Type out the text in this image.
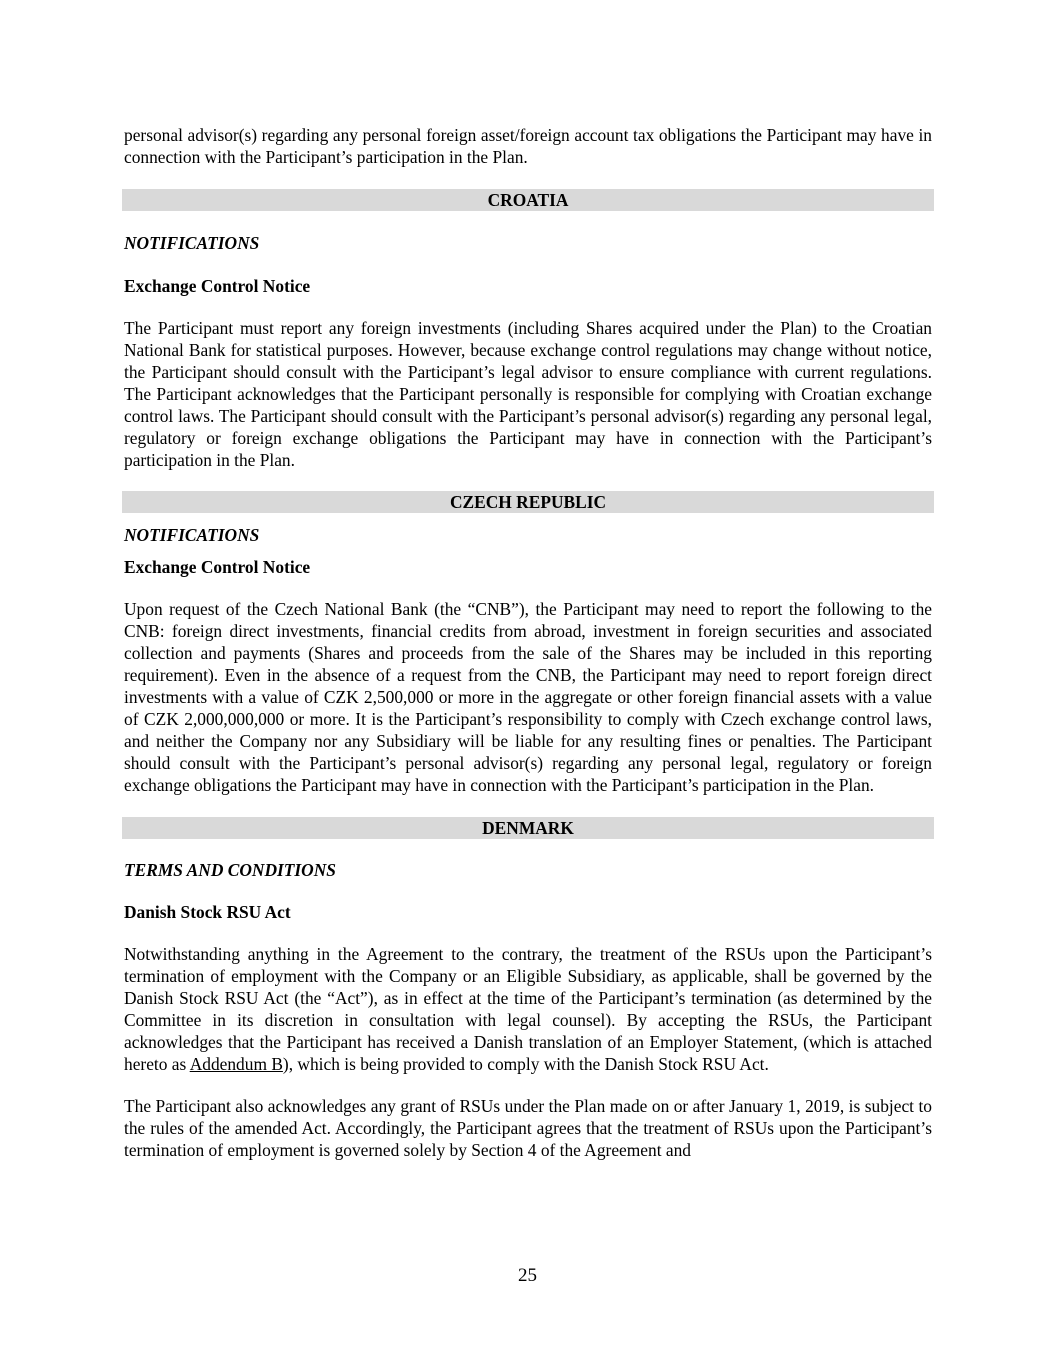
personal advisor(s) regarding any personal foreign asset/foreign account tax obligations the Participant may have in connection with the Participant’s participation in the Plan.

CROATIA
NOTIFICATIONS
Exchange Control Notice

The Participant must report any foreign investments (including Shares acquired under the Plan) to the Croatian National Bank for statistical purposes. However, because exchange control regulations may change without notice, the Participant should consult with the Participant’s legal advisor to ensure compliance with current regulations. The Participant acknowledges that the Participant personally is responsible for complying with Croatian exchange control laws. The Participant should consult with the Participant’s personal advisor(s) regarding any personal legal, regulatory or foreign exchange obligations the Participant may have in connection with the Participant’s participation in the Plan.

CZECH REPUBLIC
NOTIFICATIONS
Exchange Control Notice

Upon request of the Czech National Bank (the “CNB”), the Participant may need to report the following to the CNB: foreign direct investments, financial credits from abroad, investment in foreign securities and associated collection and payments (Shares and proceeds from the sale of the Shares may be included in this reporting requirement). Even in the absence of a request from the CNB, the Participant may need to report foreign direct investments with a value of CZK 2,500,000 or more in the aggregate or other foreign financial assets with a value of CZK 2,000,000,000 or more. It is the Participant’s responsibility to comply with Czech exchange control laws, and neither the Company nor any Subsidiary will be liable for any resulting fines or penalties. The Participant should consult with the Participant’s personal advisor(s) regarding any personal legal, regulatory or foreign exchange obligations the Participant may have in connection with the Participant’s participation in the Plan.

DENMARK
TERMS AND CONDITIONS
Danish Stock RSU Act

Notwithstanding anything in the Agreement to the contrary, the treatment of the RSUs upon the Participant’s termination of employment with the Company or an Eligible Subsidiary, as applicable, shall be governed by the Danish Stock RSU Act (the “Act”), as in effect at the time of the Participant’s termination (as determined by the Committee in its discretion in consultation with legal counsel). By accepting the RSUs, the Participant acknowledges that the Participant has received a Danish translation of an Employer Statement, (which is attached hereto as Addendum B), which is being provided to comply with the Danish Stock RSU Act.

The Participant also acknowledges any grant of RSUs under the Plan made on or after January 1, 2019, is subject to the rules of the amended Act. Accordingly, the Participant agrees that the treatment of RSUs upon the Participant’s termination of employment is governed solely by Section 4 of the Agreement and

25
